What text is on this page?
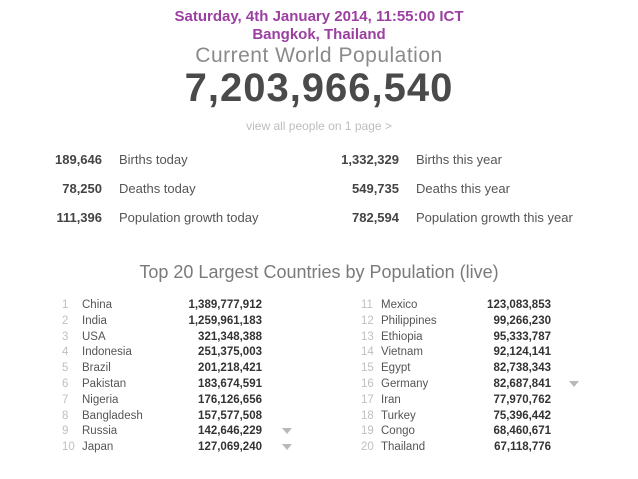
Saturday, 4th January 2014, 11:55:00 ICT
Bangkok, Thailand
Current World Population
7,203,966,540
view all people on 1 page >
189,646 Births today
78,250 Deaths today
111,396 Population growth today
1,332,329 Births this year
549,735 Deaths this year
782,594 Population growth this year
Top 20 Largest Countries by Population (live)
1	China	1,389,777,912
2	India	1,259,961,183
3	USA	321,348,388
4	Indonesia	251,375,003
5	Brazil	201,218,421
6	Pakistan	183,674,591
7	Nigeria	176,126,656
8	Bangladesh	157,577,508
9	Russia	142,646,229
10 Japan	127,069,240
11 Mexico	123,083,853
12 Philippines	99,266,230
13 Ethiopia	95,333,787
14 Vietnam	92,124,141
15 Egypt	82,738,343
16 Germany	82,687,841
17 Iran	77,970,762
18 Turkey	75,396,442
19 Congo	68,460,671
20 Thailand	67,118,776
